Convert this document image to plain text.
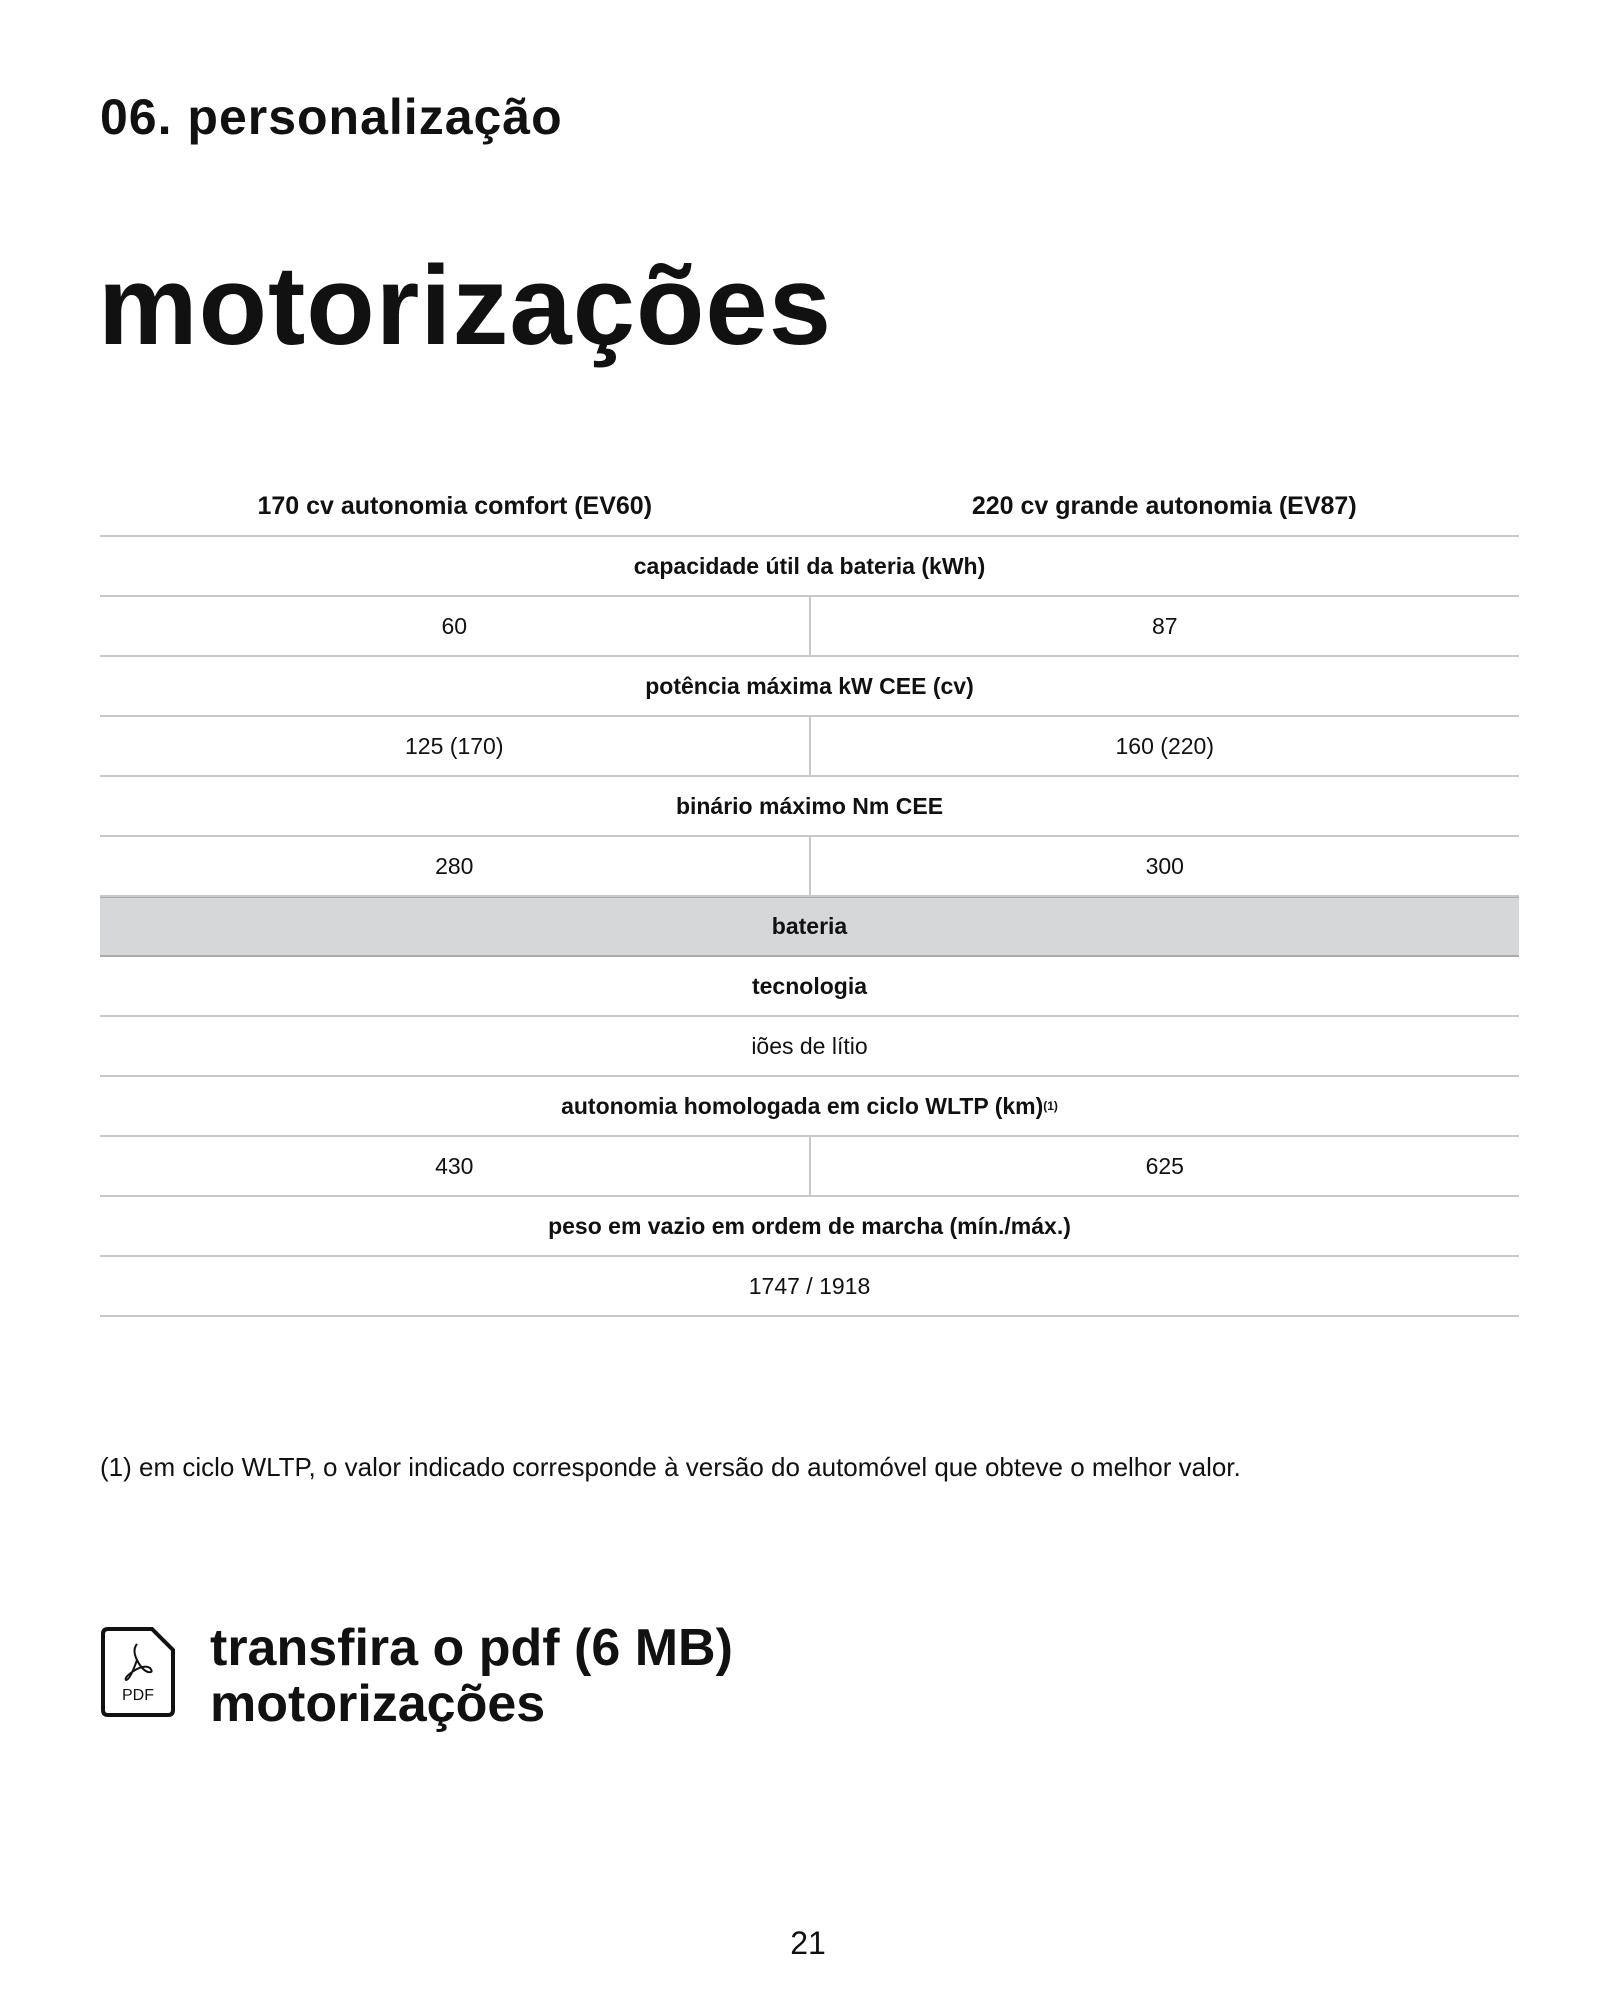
06. personalização
motorizações
170 cv autonomia comfort (EV60)	220 cv grande autonomia (EV87)
capacidade útil da bateria (kWh)
60	87
potência máxima kW CEE (cv)
125 (170)	160 (220)
binário máximo Nm CEE
280	300
bateria
tecnologia
iões de lítio
autonomia homologada em ciclo WLTP (km) (1)
430	625
peso em vazio em ordem de marcha (mín./máx.)
1747 / 1918
(1) em ciclo WLTP, o valor indicado corresponde à versão do automóvel que obteve o melhor valor.
PDF
transfira o pdf (6 MB)
motorizações
21
